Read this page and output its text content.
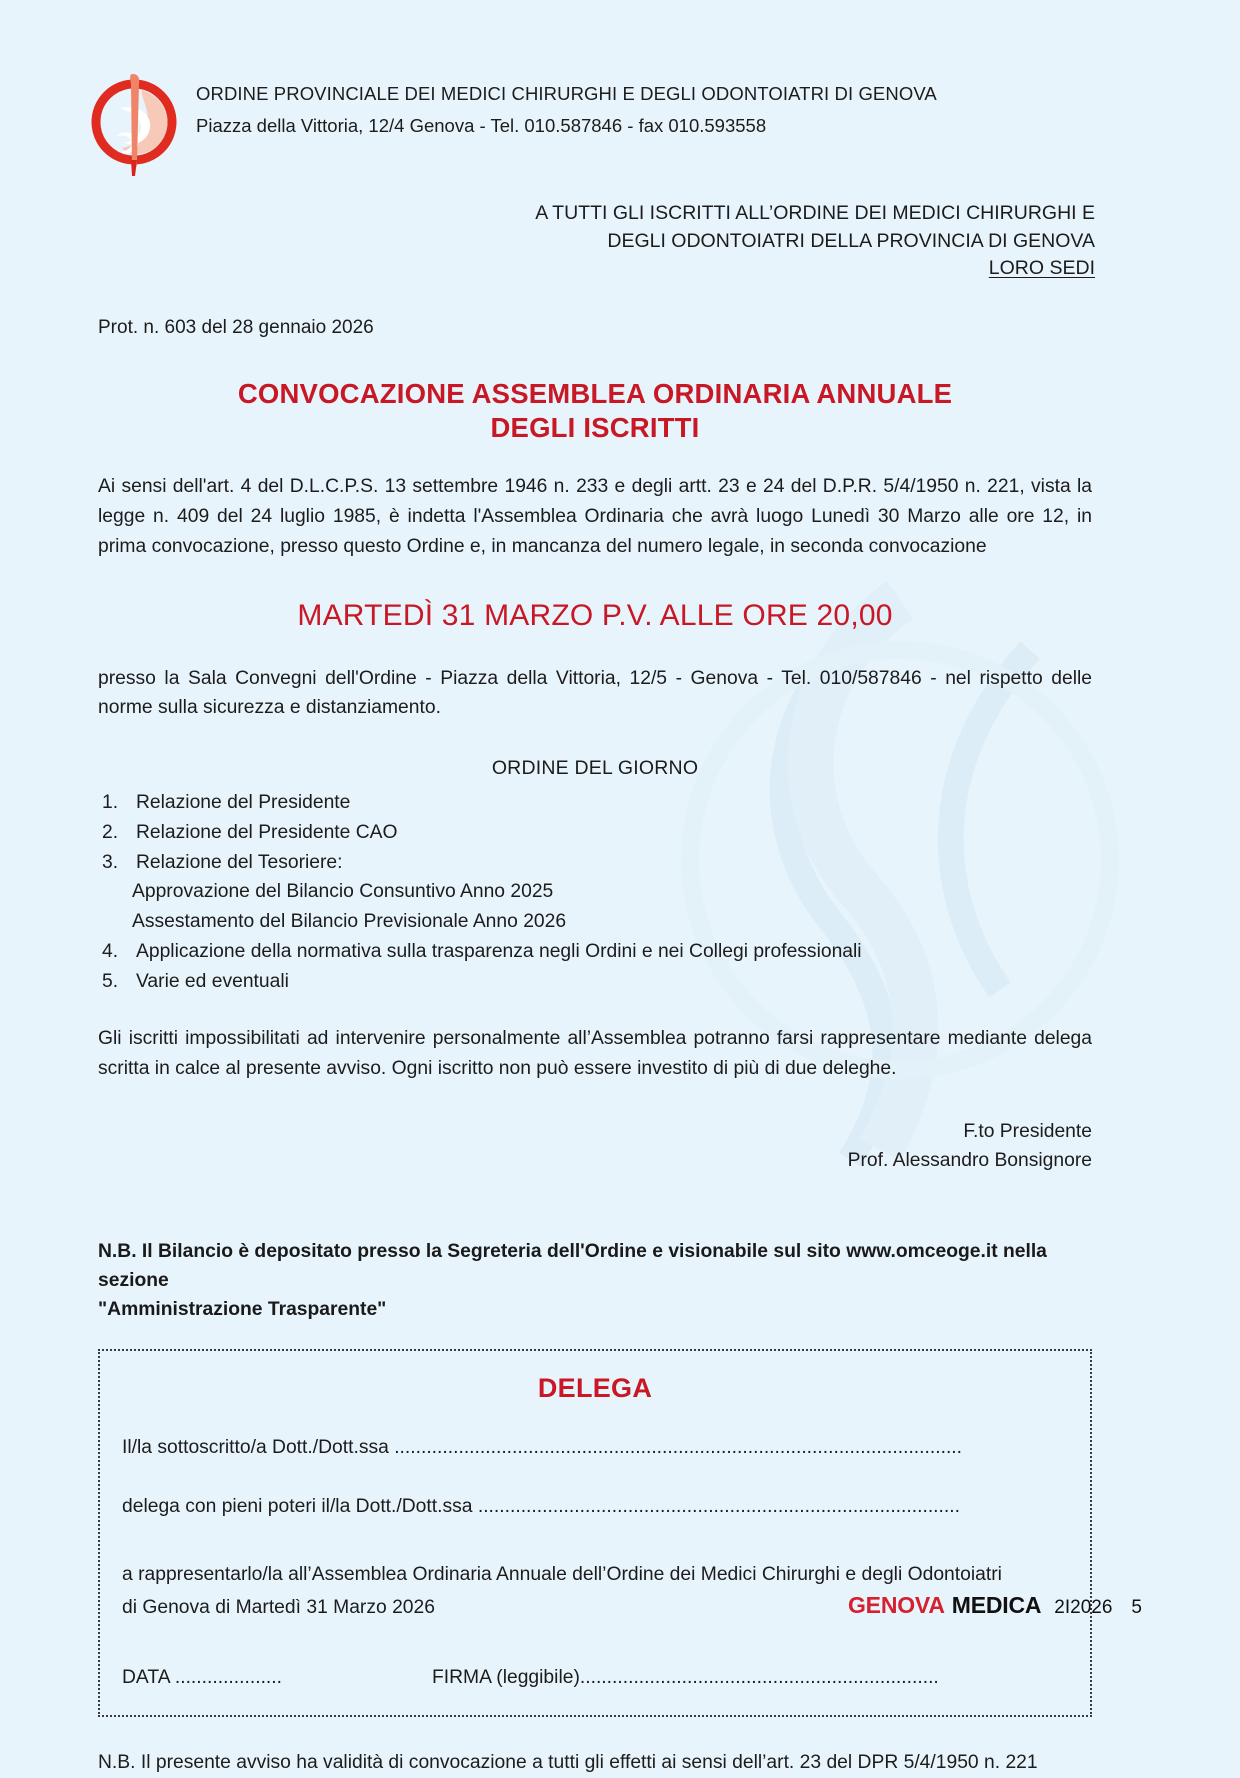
ORDINE PROVINCIALE DEI MEDICI CHIRURGHI E DEGLI ODONTOIATRI DI GENOVA
Piazza della Vittoria, 12/4 Genova - Tel. 010.587846 - fax 010.593558
A TUTTI GLI ISCRITTI ALL’ORDINE DEI MEDICI CHIRURGHI E
DEGLI ODONTOIATRI DELLA PROVINCIA DI GENOVA
LORO SEDI
Prot. n. 603 del 28 gennaio 2026
CONVOCAZIONE ASSEMBLEA ORDINARIA ANNUALE
DEGLI ISCRITTI

Ai sensi dell'art. 4 del D.L.C.P.S. 13 settembre 1946 n. 233 e degli artt. 23 e 24 del D.P.R. 5/4/1950 n. 221, vista la legge n. 409 del 24 luglio 1985, è indetta l'Assemblea Ordinaria che avrà luogo Lunedì 30 Marzo alle ore 12, in prima convocazione, presso questo Ordine e, in mancanza del numero legale, in seconda convocazione

MARTEDÌ 31 MARZO P.V. ALLE ORE 20,00

presso la Sala Convegni dell'Ordine - Piazza della Vittoria, 12/5 - Genova - Tel. 010/587846 - nel rispetto delle norme sulla sicurezza e distanziamento.

ORDINE DEL GIORNO
1. Relazione del Presidente
2. Relazione del Presidente CAO
3. Relazione del Tesoriere:
Approvazione del Bilancio Consuntivo Anno 2025
Assestamento del Bilancio Previsionale Anno 2026
4. Applicazione della normativa sulla trasparenza negli Ordini e nei Collegi professionali
5. Varie ed eventuali

Gli iscritti impossibilitati ad intervenire personalmente all’Assemblea potranno farsi rappresentare mediante delega scritta in calce al presente avviso. Ogni iscritto non può essere investito di più di due deleghe.

F.to Presidente
Prof. Alessandro Bonsignore
N.B. Il Bilancio è depositato presso la Segreteria dell'Ordine e visionabile sul sito www.omceoge.it nella sezione
"Amministrazione Trasparente"
DELEGA
Il/la sottoscritto/a Dott./Dott.ssa ..........................................................................................................
delega con pieni poteri il/la Dott./Dott.ssa ..........................................................................................
a rappresentarlo/la all’Assemblea Ordinaria Annuale dell’Ordine dei Medici Chirurghi e degli Odontoiatri
di Genova di Martedì 31 Marzo 2026
DATA ....................	FIRMA (leggibile)...................................................................
N.B. Il presente avviso ha validità di convocazione a tutti gli effetti ai sensi dell’art. 23 del DPR 5/4/1950 n. 221
GENOVA MEDICA 2I2026 5
